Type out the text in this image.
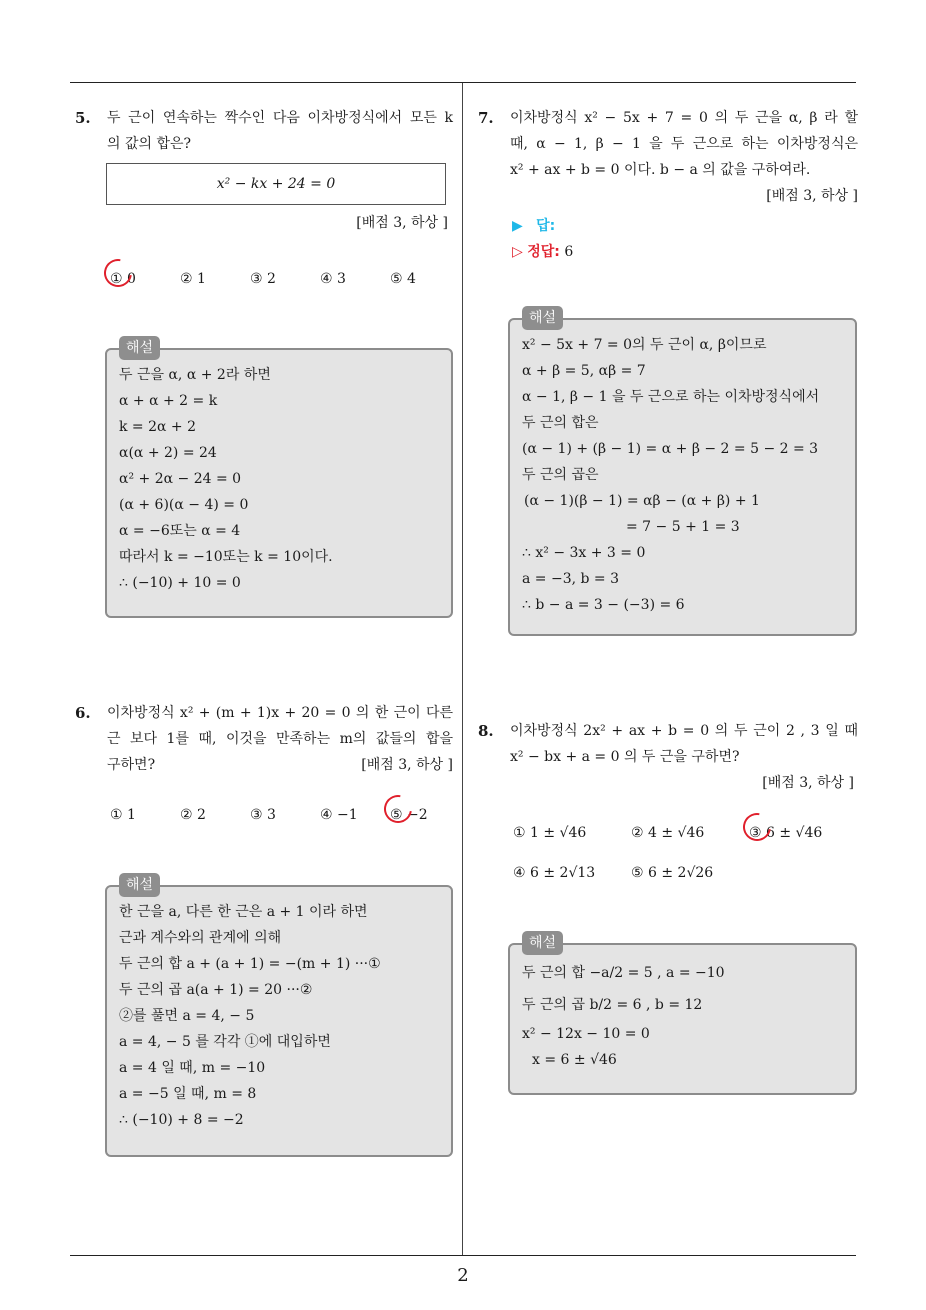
5. 두 근이 연속하는 짝수인 다음 이차방정식에서 모든 k
의 값의 합은?
x² − kx + 24 = 0
[배점 3, 하상 ]
① 0	② 1	③ 2	④ 3	⑤ 4
해설
두 근을 α, α + 2라 하면
α + α + 2 = k
k = 2α + 2
α(α + 2) = 24
α² + 2α − 24 = 0
(α + 6)(α − 4) = 0
α = −6또는 α = 4
따라서 k = −10또는 k = 10이다.
∴ (−10) + 10 = 0
6. 이차방정식 x² + (m + 1)x + 20 = 0 의 한 근이 다른
근 보다 1를 때, 이것을 만족하는 m의 값들의 합을
구하면?	[배점 3, 하상 ]
① 1	② 2	③ 3	④ −1 ⑤ −2
해설
한 근을 a, 다른 한 근은 a + 1 이라 하면
근과 계수와의 관계에 의해
두 근의 합 a + (a + 1) = −(m + 1) ···①
두 근의 곱 a(a + 1) = 20 ···②
②를 풀면 a = 4, − 5
a = 4, − 5 를 각각 ①에 대입하면
a = 4 일 때, m = −10
a = −5 일 때, m = 8
∴ (−10) + 8 = −2
7. 이차방정식 x² − 5x + 7 = 0 의 두 근을 α, β 라 할
때, α − 1, β − 1 을 두 근으로 하는 이차방정식은
x² + ax + b = 0 이다. b − a 의 값을 구하여라.
[배점 3, 하상 ]
▶ 답:
▷ 정답: 6
해설
x² − 5x + 7 = 0의 두 근이 α, β이므로
α + β = 5, αβ = 7
α − 1, β − 1 을 두 근으로 하는 이차방정식에서
두 근의 합은
(α − 1) + (β − 1) = α + β − 2 = 5 − 2 = 3
두 근의 곱은
(α − 1)(β − 1) = αβ − (α + β) + 1
= 7 − 5 + 1 = 3
∴ x² − 3x + 3 = 0
a = −3, b = 3
∴ b − a = 3 − (−3) = 6
8. 이차방정식 2x² + ax + b = 0 의 두 근이 2 , 3 일 때
x² − bx + a = 0 의 두 근을 구하면?
[배점 3, 하상 ]
① 1 ± √46	② 4 ± √46	③ 6 ± √46
④ 6 ± 2√13	⑤ 6 ± 2√26
해설
두 근의 합 −a/2 = 5 , a = −10
두 근의 곱 b/2 = 6 , b = 12
x² − 12x − 10 = 0
x = 6 ± √46
2
